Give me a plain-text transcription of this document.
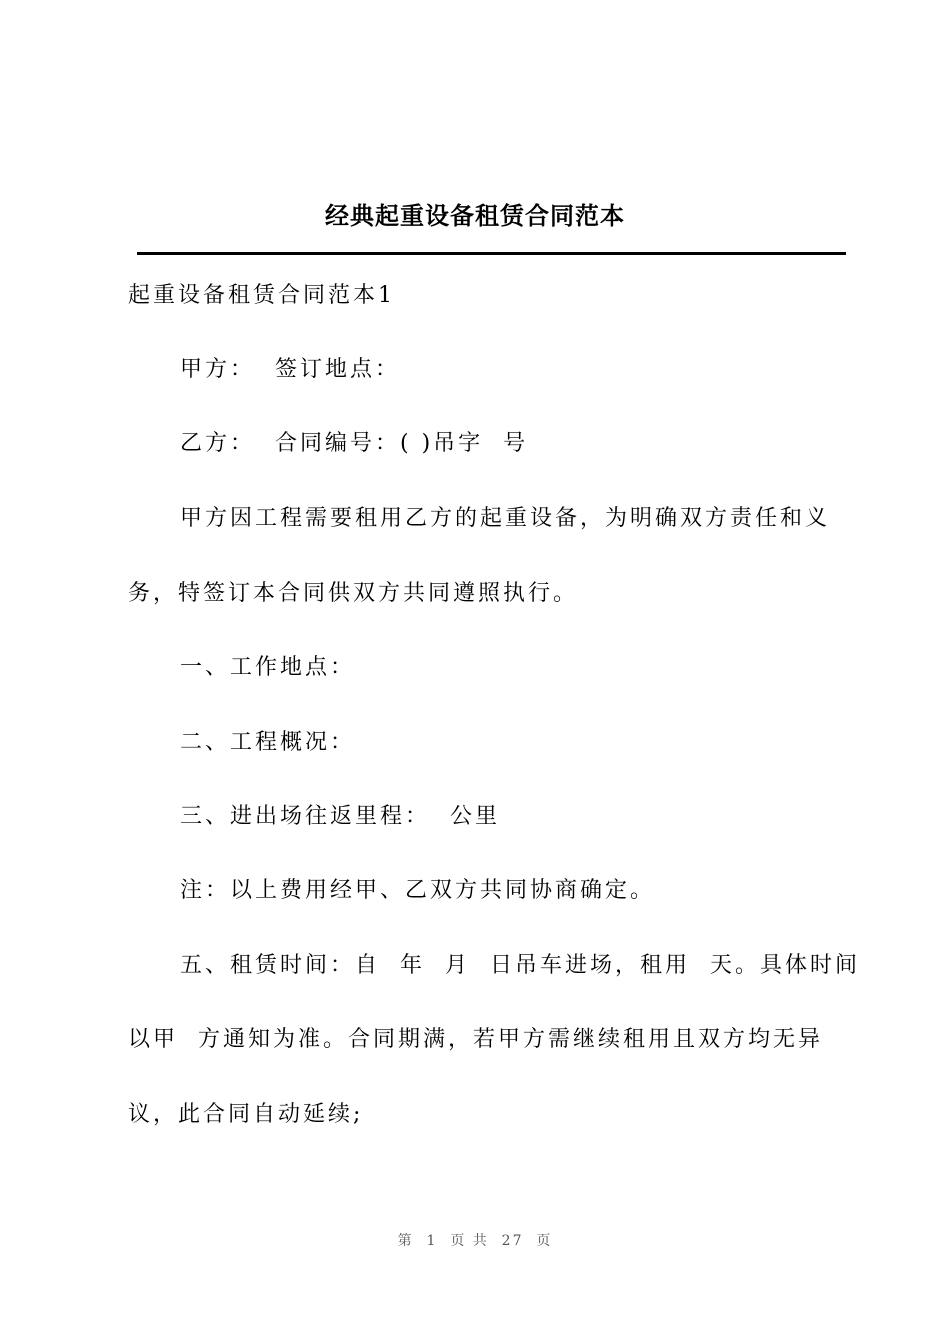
经典起重设备租赁合同范本
起重设备租赁合同范本1
甲方：  签订地点：
乙方：  合同编号：( )吊字  号
甲方因工程需要租用乙方的起重设备，为明确双方责任和义
务，特签订本合同供双方共同遵照执行。
一、工作地点：
二、工程概况：
三、进出场往返里程：  公里
注：以上费用经甲、乙双方共同协商确定。
五、租赁时间：自  年  月  日吊车进场，租用  天。具体时间
以甲  方通知为准。合同期满，若甲方需继续租用且双方均无异
议，此合同自动延续;
第  1  页 共  27  页
